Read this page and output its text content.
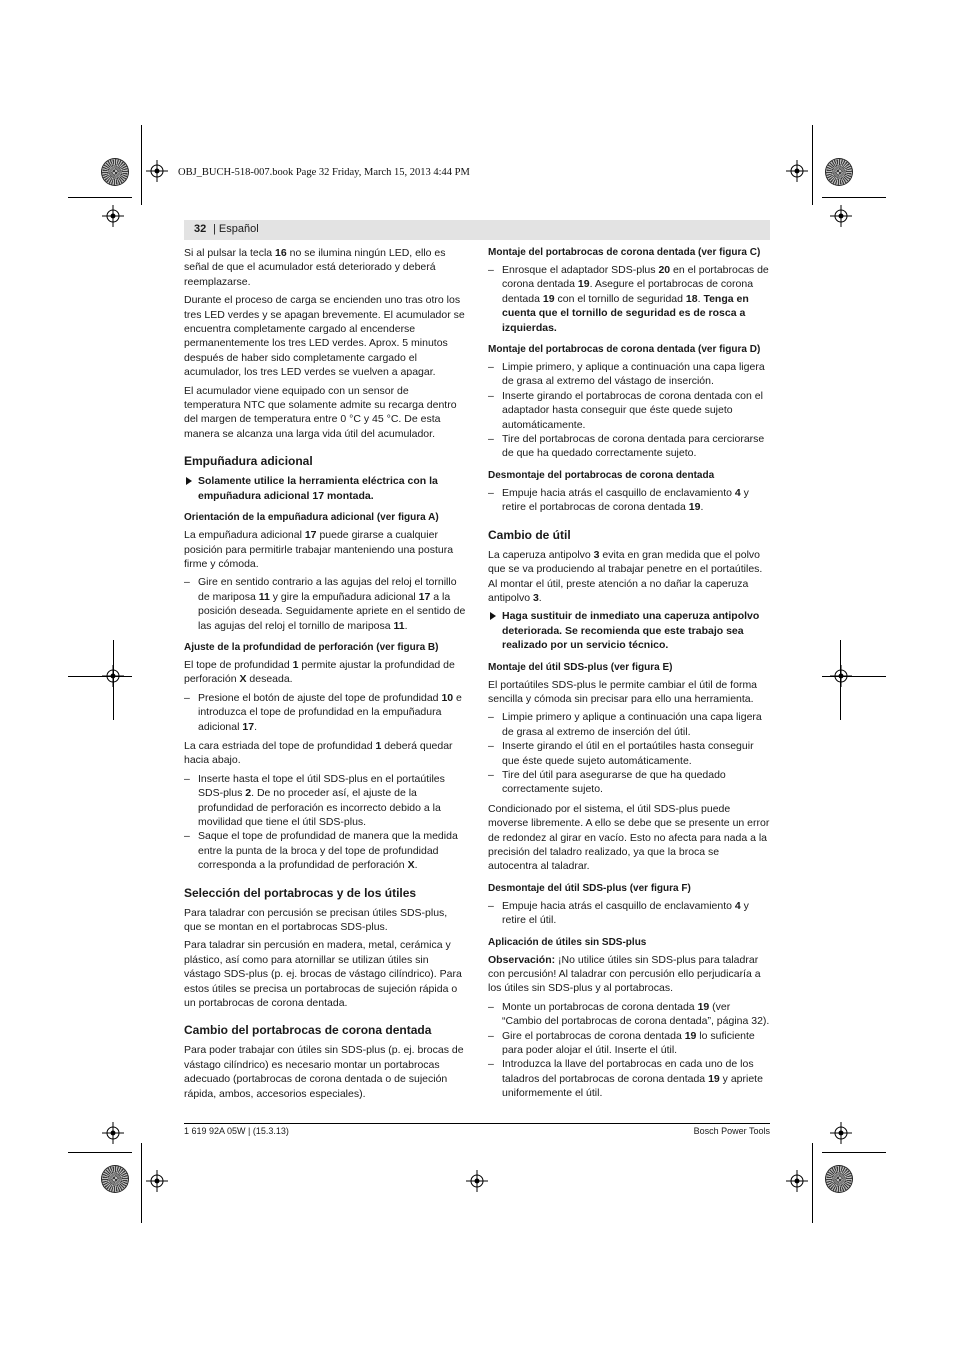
OBJ_BUCH-518-007.book Page 32 Friday, March 15, 2013 4:44 PM
32 | Español

Si al pulsar la tecla 16 no se ilumina ningún LED, ello es señal de que el acumulador está deteriorado y deberá reemplazarse.

Durante el proceso de carga se encienden uno tras otro los tres LED verdes y se apagan brevemente. El acumulador se encuentra completamente cargado al encenderse permanentemente los tres LED verdes. Aprox. 5 minutos después de haber sido completamente cargado el acumulador, los tres LED verdes se vuelven a apagar.

El acumulador viene equipado con un sensor de temperatura NTC que solamente admite su recarga dentro del margen de temperatura entre 0 °C y 45 °C. De esta manera se alcanza una larga vida útil del acumulador.

Empuñadura adicional
Solamente utilice la herramienta eléctrica con la empuñadura adicional 17 montada.
Orientación de la empuñadura adicional (ver figura A)

La empuñadura adicional 17 puede girarse a cualquier posición para permitirle trabajar manteniendo una postura firme y cómoda.

– Gire en sentido contrario a las agujas del reloj el tornillo de mariposa 11 y gire la empuñadura adicional 17 a la posición deseada. Seguidamente apriete en el sentido de las agujas del reloj el tornillo de mariposa 11.
Ajuste de la profundidad de perforación (ver figura B)

El tope de profundidad 1 permite ajustar la profundidad de perforación X deseada.

– Presione el botón de ajuste del tope de profundidad 10 e introduzca el tope de profundidad en la empuñadura adicional 17.

La cara estriada del tope de profundidad 1 deberá quedar hacia abajo.

– Inserte hasta el tope el útil SDS-plus en el portaútiles SDS-plus 2. De no proceder así, el ajuste de la profundidad de perforación es incorrecto debido a la movilidad que tiene el útil SDS-plus.
– Saque el tope de profundidad de manera que la medida entre la punta de la broca y del tope de profundidad corresponda a la profundidad de perforación X.
Selección del portabrocas y de los útiles

Para taladrar con percusión se precisan útiles SDS-plus, que se montan en el portabrocas SDS-plus.

Para taladrar sin percusión en madera, metal, cerámica y plástico, así como para atornillar se utilizan útiles sin vástago SDS-plus (p. ej. brocas de vástago cilíndrico). Para estos útiles se precisa un portabrocas de sujeción rápida o un portabrocas de corona dentada.

Cambio del portabrocas de corona dentada

Para poder trabajar con útiles sin SDS-plus (p. ej. brocas de vástago cilíndrico) es necesario montar un portabrocas adecuado (portabrocas de corona dentada o de sujeción rápida, ambos, accesorios especiales).

Montaje del portabrocas de corona dentada (ver figura C)
– Enrosque el adaptador SDS-plus 20 en el portabrocas de corona dentada 19. Asegure el portabrocas de corona dentada 19 con el tornillo de seguridad 18. Tenga en cuenta que el tornillo de seguridad es de rosca a izquierdas.
Montaje del portabrocas de corona dentada (ver figura D)
– Limpie primero, y aplique a continuación una capa ligera de grasa al extremo del vástago de inserción.
– Inserte girando el portabrocas de corona dentada con el adaptador hasta conseguir que éste quede sujeto automáticamente.
– Tire del portabrocas de corona dentada para cerciorarse de que ha quedado correctamente sujeto.
Desmontaje del portabrocas de corona dentada
– Empuje hacia atrás el casquillo de enclavamiento 4 y retire el portabrocas de corona dentada 19.
Cambio de útil

La caperuza antipolvo 3 evita en gran medida que el polvo que se va produciendo al trabajar penetre en el portaútiles. Al montar el útil, preste atención a no dañar la caperuza antipolvo 3.

Haga sustituir de inmediato una caperuza antipolvo deteriorada. Se recomienda que este trabajo sea realizado por un servicio técnico.
Montaje del útil SDS-plus (ver figura E)

El portaútiles SDS-plus le permite cambiar el útil de forma sencilla y cómoda sin precisar para ello una herramienta.

– Limpie primero y aplique a continuación una capa ligera de grasa al extremo de inserción del útil.
– Inserte girando el útil en el portaútiles hasta conseguir que éste quede sujeto automáticamente.
– Tire del útil para asegurarse de que ha quedado correctamente sujeto.

Condicionado por el sistema, el útil SDS-plus puede moverse libremente. A ello se debe que se presente un error de redondez al girar en vacío. Esto no afecta para nada a la precisión del taladro realizado, ya que la broca se autocentra al taladrar.

Desmontaje del útil SDS-plus (ver figura F)
– Empuje hacia atrás el casquillo de enclavamiento 4 y retire el útil.
Aplicación de útiles sin SDS-plus

Observación: ¡No utilice útiles sin SDS-plus para taladrar con percusión! Al taladrar con percusión ello perjudicaría a los útiles sin SDS-plus y al portabrocas.

– Monte un portabrocas de corona dentada 19 (ver “Cambio del portabrocas de corona dentada”, página 32).
– Gire el portabrocas de corona dentada 19 lo suficiente para poder alojar el útil. Inserte el útil.
– Introduzca la llave del portabrocas en cada uno de los taladros del portabrocas de corona dentada 19 y apriete uniformemente el útil.
1 619 92A 05W | (15.3.13)	Bosch Power Tools
